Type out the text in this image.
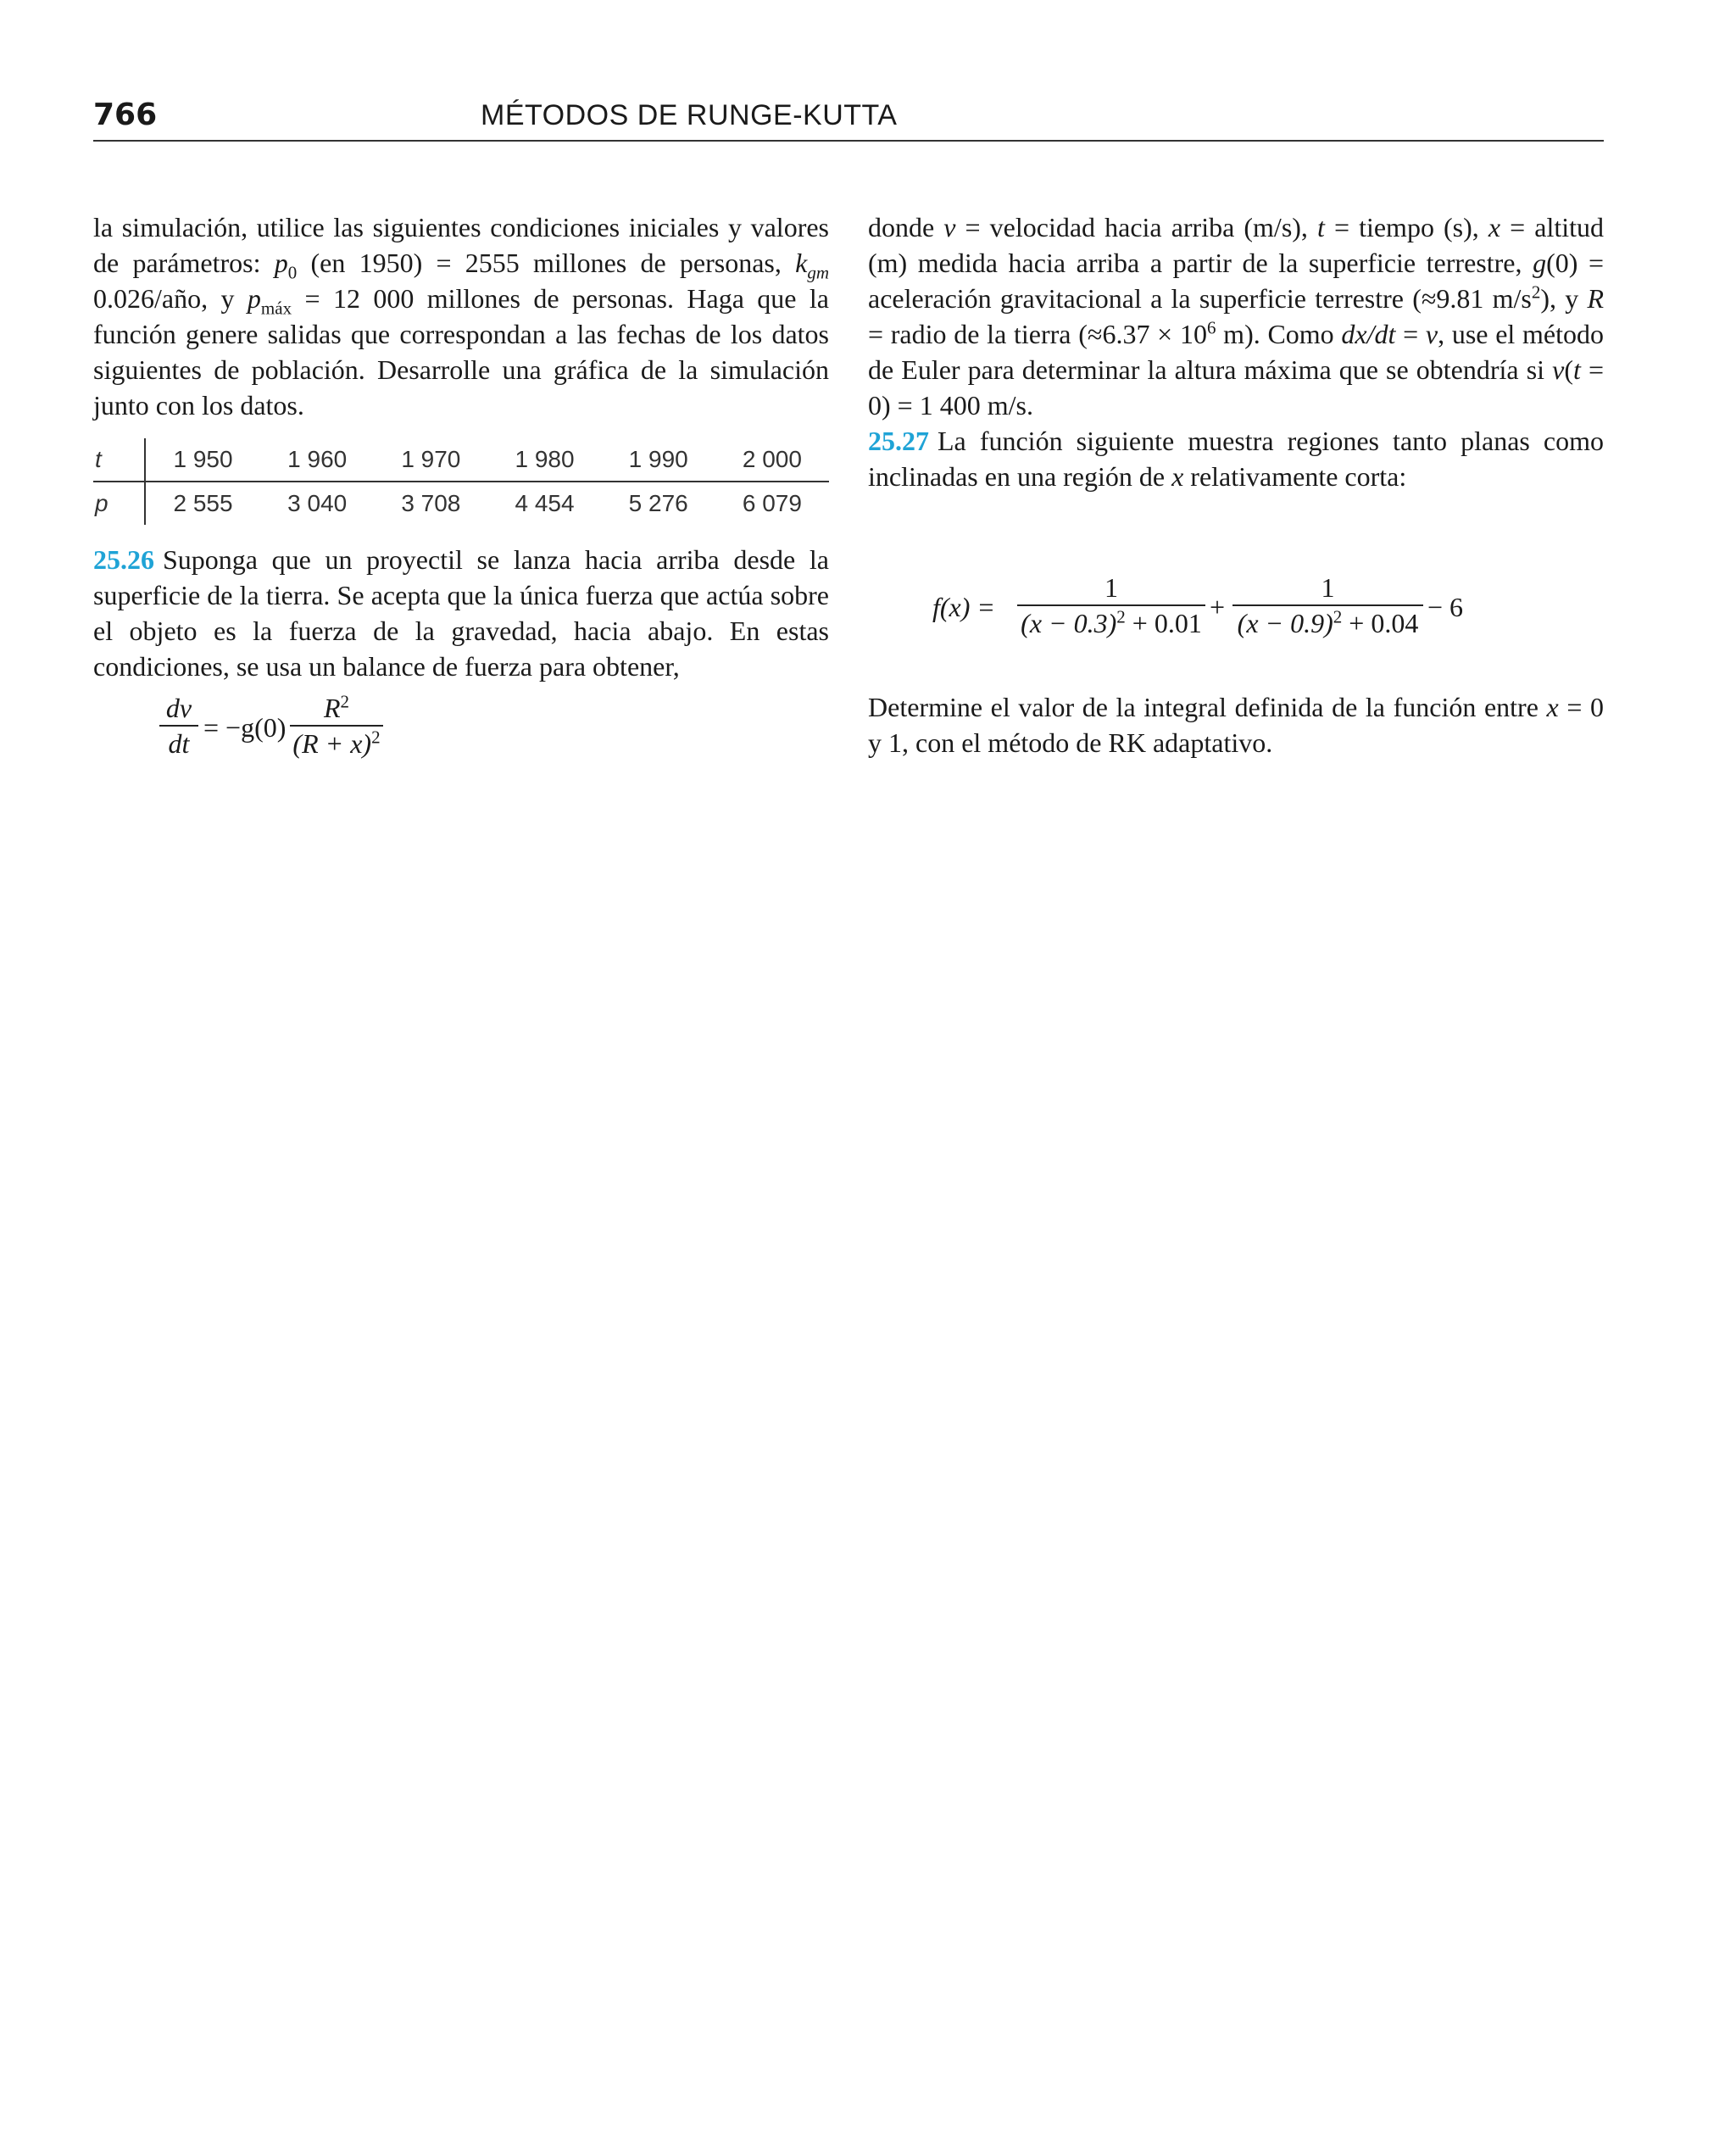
766	MÉTODOS DE RUNGE-KUTTA

la simulación, utilice las siguientes condiciones iniciales y valores de parámetros: $p_0$ (en 1950) = 2555 millones de personas, $k_{gm}$ 0.026/año, y $p_{máx} = 12$ 000 millones de personas. Haga que la función genere salidas que correspondan a las fechas de los datos siguientes de población. Desarrolle una gráfica de la simulación junto con los datos.

t	1 950	1 960	1 970	1 980	1 990	2 000
p	2 555	3 040	3 708	4 454	5 276	6 079

25.26 Suponga que un proyectil se lanza hacia arriba desde la superficie de la tierra. Se acepta que la única fuerza que actúa sobre el objeto es la fuerza de la gravedad, hacia abajo. En estas condiciones, se usa un balance de fuerza para obtener,

$\frac{dv}{dt} = -g(0) \frac{R^2}{(R + x)^2}$

donde v = velocidad hacia arriba (m/s), t = tiempo (s), x = altitud (m) medida hacia arriba a partir de la superficie terrestre, g(0) = aceleración gravitacional a la superficie terrestre (≈9.81 $m/s^2$), y R = radio de la tierra ($\approx 6.37 \times 10^6$ m). Como dx/dt = v, use el método de Euler para determinar la altura máxima que se obtendría si v(t = 0) = 1 400 m/s.

25.27 La función siguiente muestra regiones tanto planas como inclinadas en una región de x relativamente corta:

$f(x) = \frac{1}{(x - 0.3)^2 + 0.01} + \frac{1}{(x - 0.9)^2 + 0.04} - 6$

Determine el valor de la integral definida de la función entre x = 0 y 1, con el método de RK adaptativo.
